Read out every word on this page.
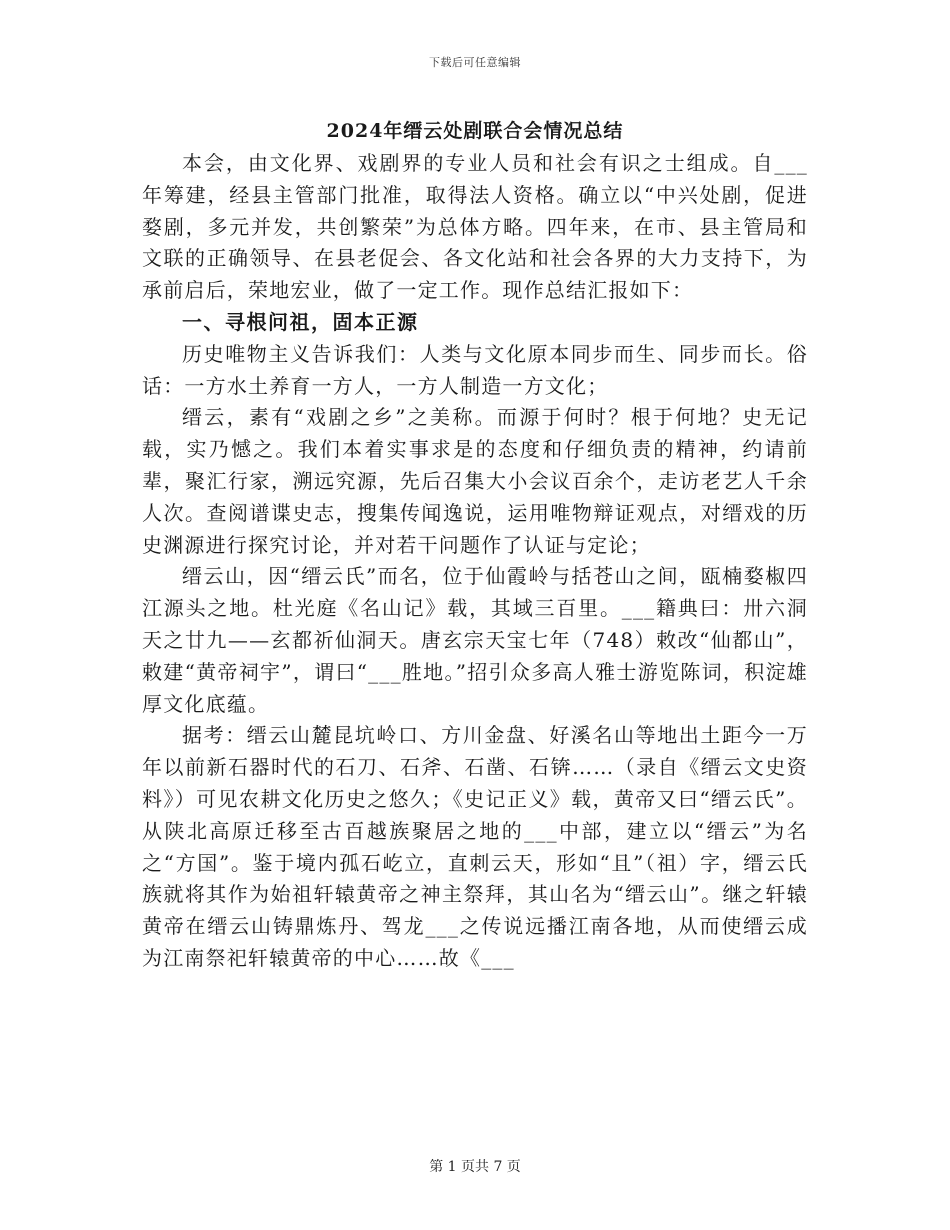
下载后可任意编辑
2024年缙云处剧联合会情况总结

本会，由文化界、戏剧界的专业人员和社会有识之士组成。自___年筹建，经县主管部门批准，取得法人资格。确立以“中兴处剧，促进婺剧，多元并发，共创繁荣”为总体方略。四年来，在市、县主管局和文联的正确领导、在县老促会、各文化站和社会各界的大力支持下，为承前启后，荣地宏业，做了一定工作。现作总结汇报如下：

一、寻根问祖，固本正源

历史唯物主义告诉我们：人类与文化原本同步而生、同步而长。俗话：一方水土养育一方人，一方人制造一方文化；

缙云，素有“戏剧之乡”之美称。而源于何时？根于何地？史无记载，实乃憾之。我们本着实事求是的态度和仔细负责的精神，约请前辈，聚汇行家，溯远究源，先后召集大小会议百余个，走访老艺人千余人次。查阅谱谍史志，搜集传闻逸说，运用唯物辩证观点，对缙戏的历史渊源进行探究讨论，并对若干问题作了认证与定论；

缙云山，因“缙云氏”而名，位于仙霞岭与括苍山之间，瓯楠婺椒四江源头之地。杜光庭《名山记》载，其域三百里。___籍典曰：卅六洞天之廿九——玄都祈仙洞天。唐玄宗天宝七年（748）敕改“仙都山”，敕建“黄帝祠宇”，谓曰“___胜地。”招引众多高人雅士游览陈词，积淀雄厚文化底蕴。

据考：缙云山麓昆坑岭口、方川金盘、好溪名山等地出土距今一万年以前新石器时代的石刀、石斧、石凿、石锛……（录自《缙云文史资料》）可见农耕文化历史之悠久；《史记正义》载，黄帝又曰“缙云氏”。从陕北高原迁移至古百越族聚居之地的___中部，建立以“缙云”为名之“方国”。鉴于境内孤石屹立，直刺云天，形如“且”（祖）字，缙云氏族就将其作为始祖轩辕黄帝之神主祭拜，其山名为“缙云山”。继之轩辕黄帝在缙云山铸鼎炼丹、驾龙___之传说远播江南各地，从而使缙云成为江南祭祀轩辕黄帝的中心……故《___

第 1 页共 7 页
